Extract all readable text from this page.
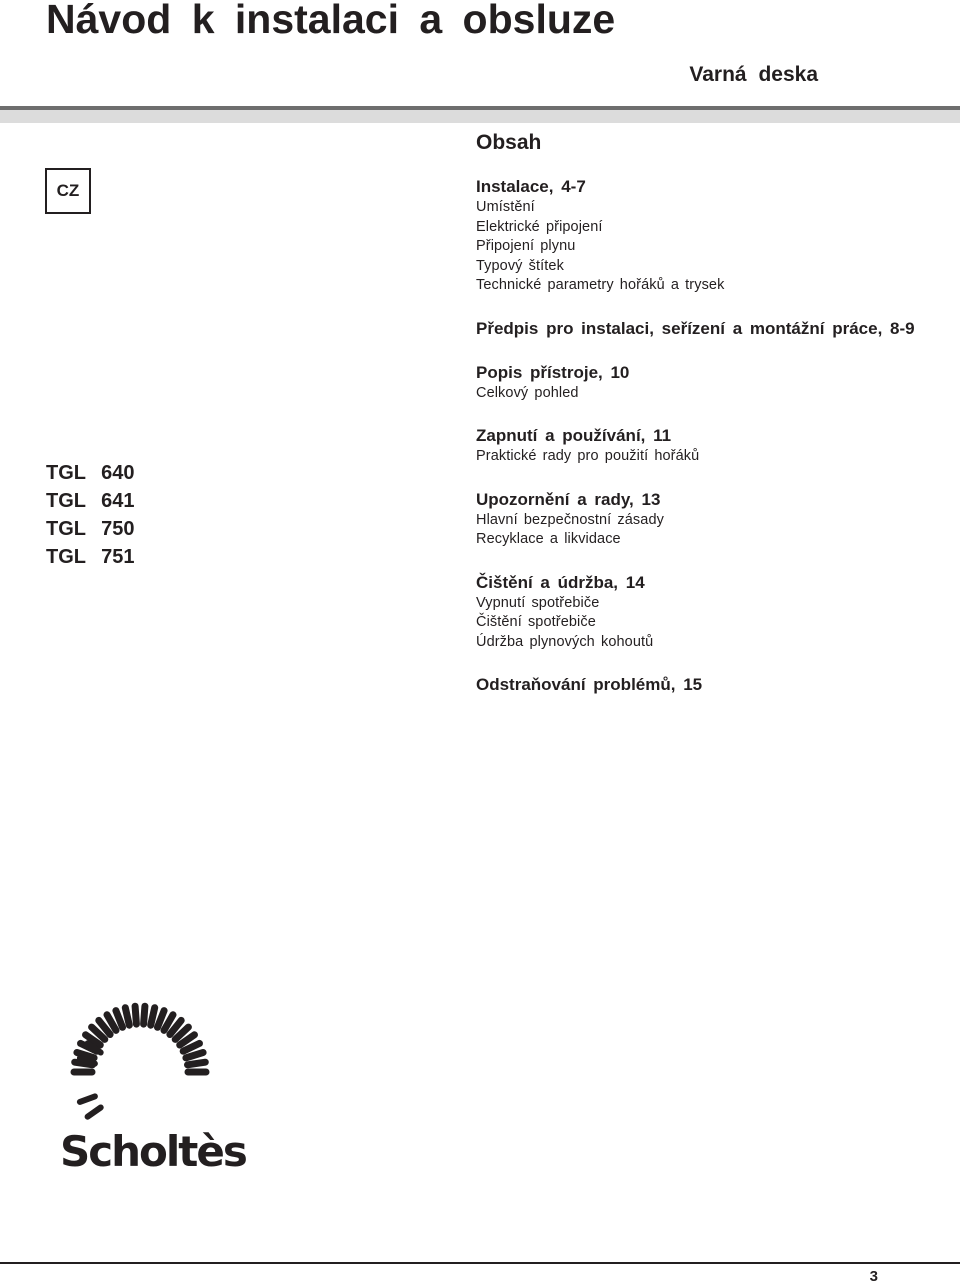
Návod k instalaci a obsluze
Varná deska
CZ
TGL 640
TGL 641
TGL 750
TGL 751
Obsah
Instalace, 4-7
Umístění
Elektrické připojení
Připojení plynu
Typový štítek
Technické parametry hořáků a trysek
Předpis pro instalaci, seřízení a montážní práce, 8-9
Popis přístroje, 10
Celkový pohled
Zapnutí a používání, 11
Praktické rady pro použití hořáků
Upozornění a rady, 13
Hlavní bezpečnostní zásady
Recyklace a likvidace
Čištění a údržba, 14
Vypnutí spotřebiče
Čištění spotřebiče
Údržba plynových kohoutů
Odstraňování problémů, 15
Scholtès
3
